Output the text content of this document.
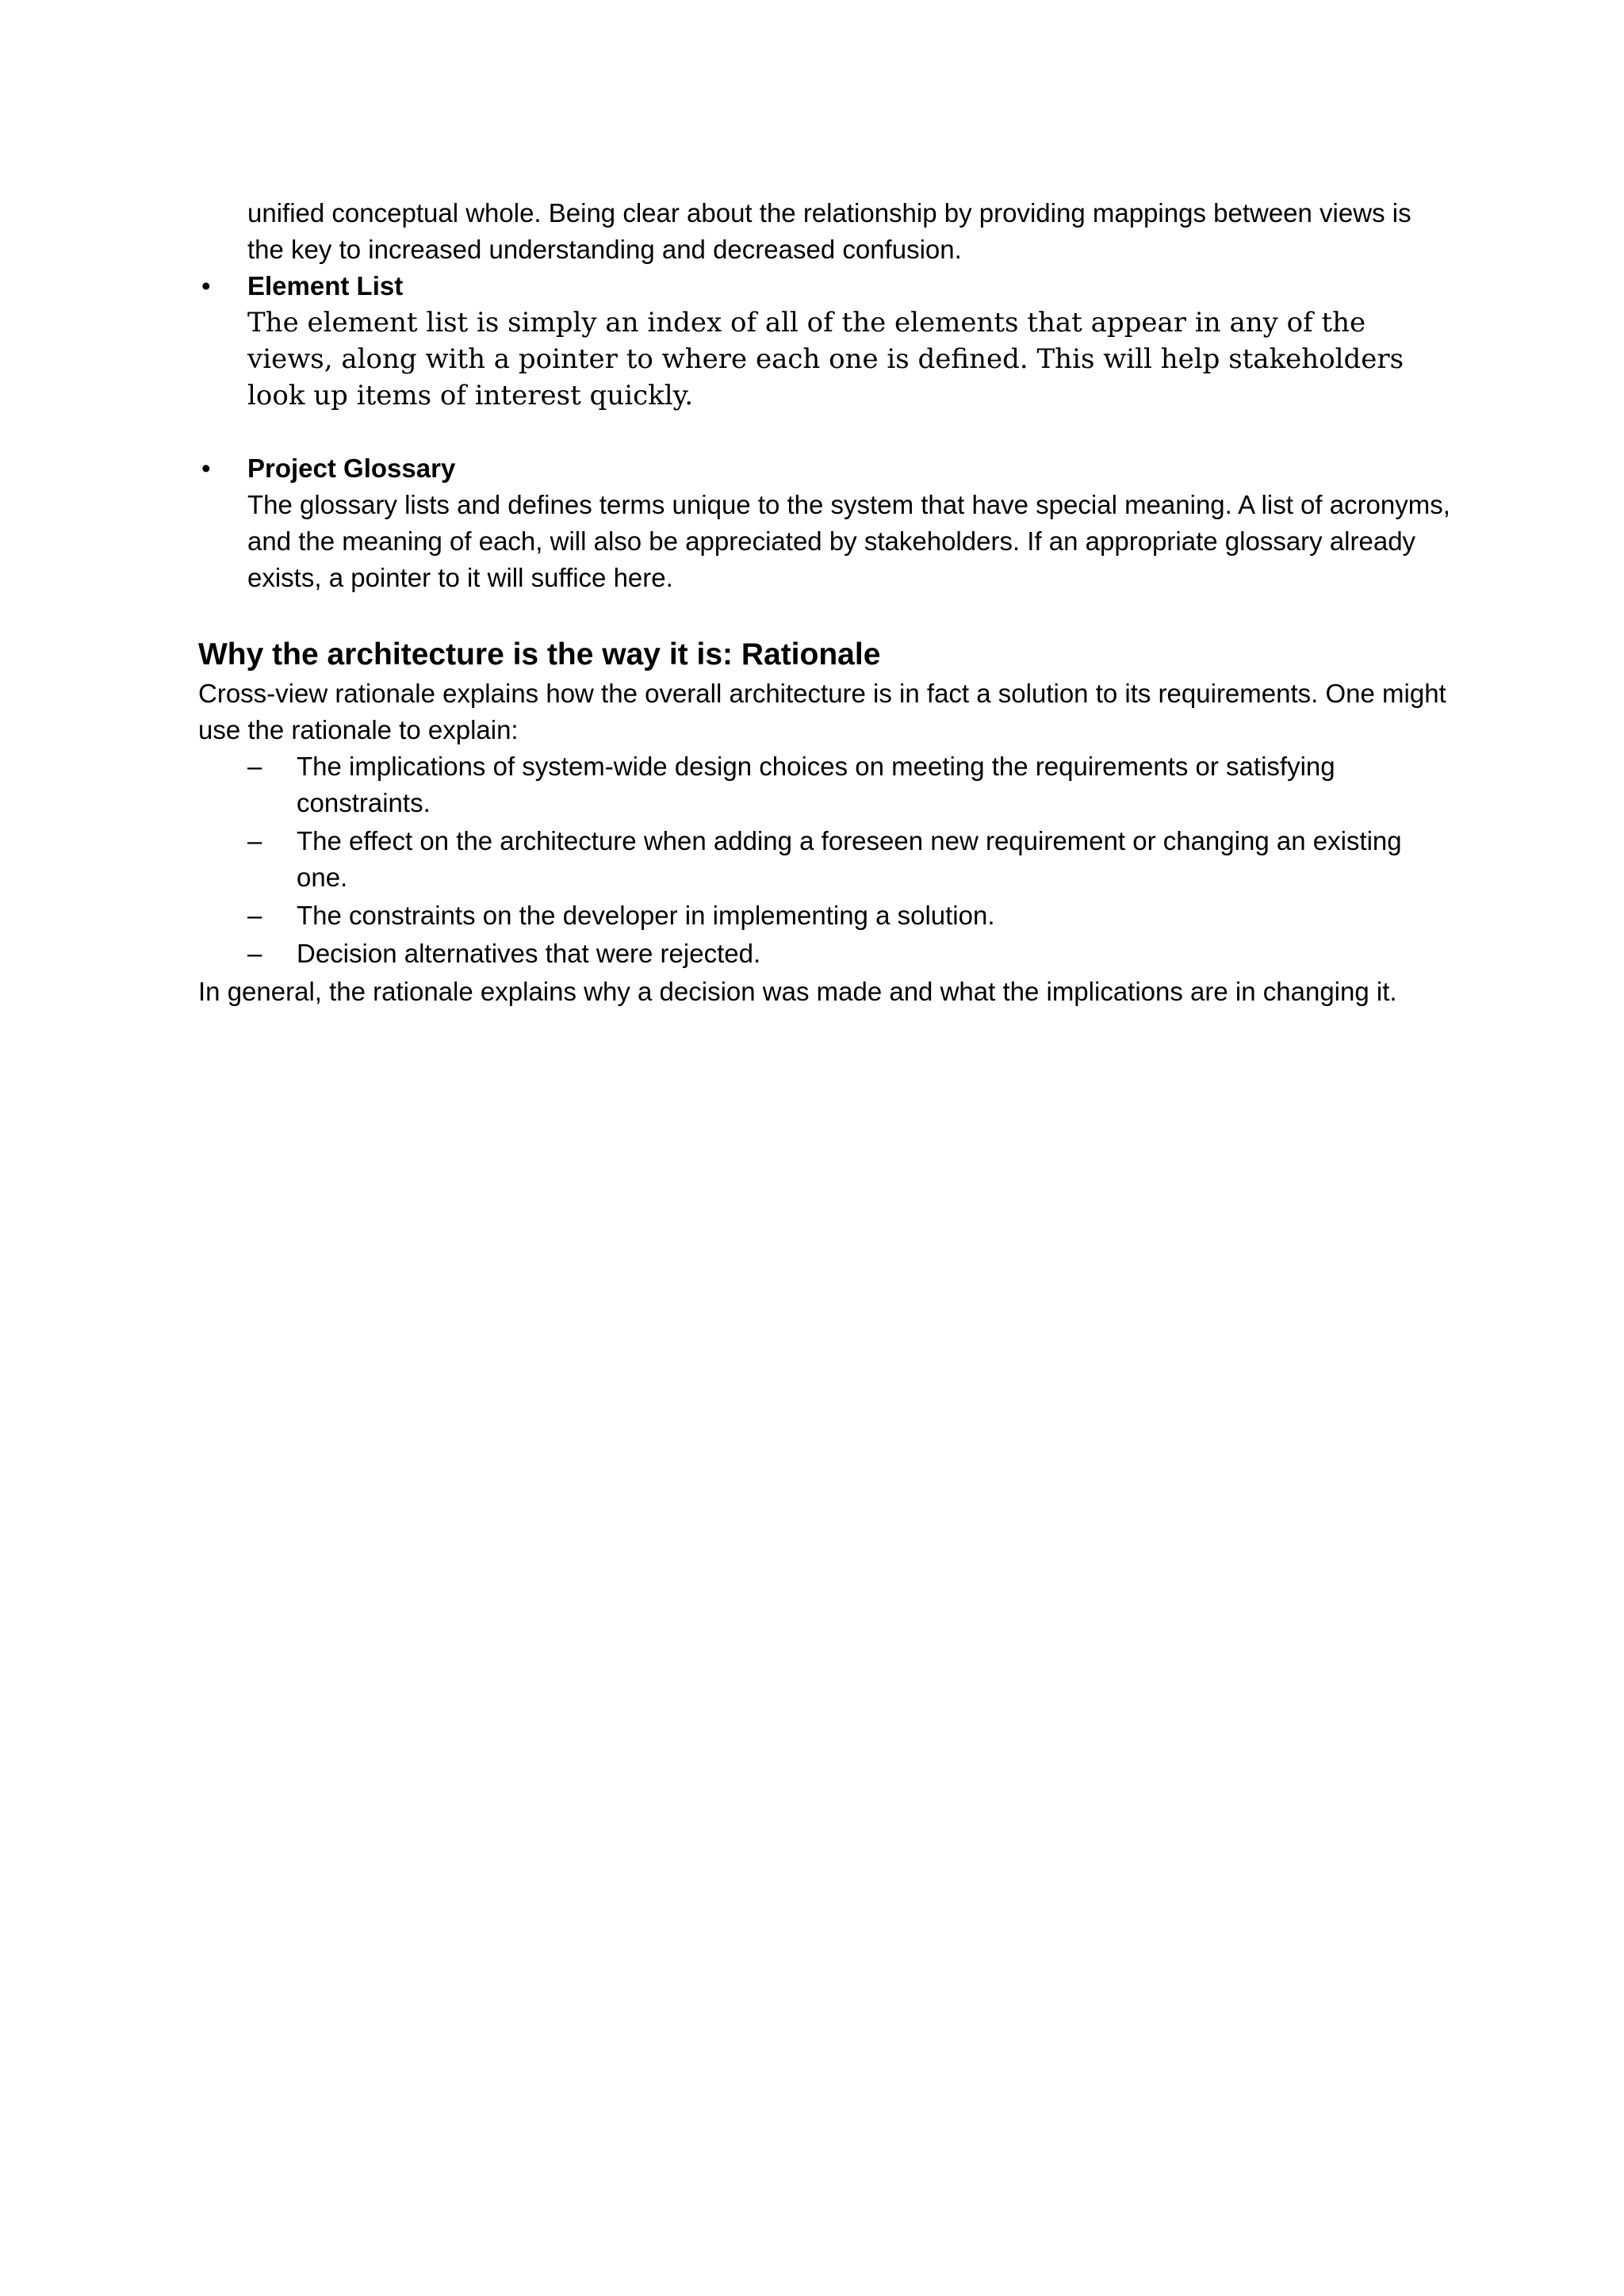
unified conceptual whole. Being clear about the relationship by providing mappings between views is the key to increased understanding and decreased confusion.

•	Element List

The element list is simply an index of all of the elements that appear in any of the views, along with a pointer to where each one is defined. This will help stakeholders look up items of interest quickly.

•	Project Glossary

The glossary lists and defines terms unique to the system that have special meaning. A list of acronyms, and the meaning of each, will also be appreciated by stakeholders. If an appropriate glossary already exists, a pointer to it will suffice here.

Why the architecture is the way it is: Rationale

Cross-view rationale explains how the overall architecture is in fact a solution to its requirements. One might use the rationale to explain:

– The implications of system-wide design choices on meeting the requirements or satisfying constraints.
– The effect on the architecture when adding a foreseen new requirement or changing an existing one.
– The constraints on the developer in implementing a solution.
– Decision alternatives that were rejected.

In general, the rationale explains why a decision was made and what the implications are in changing it.
